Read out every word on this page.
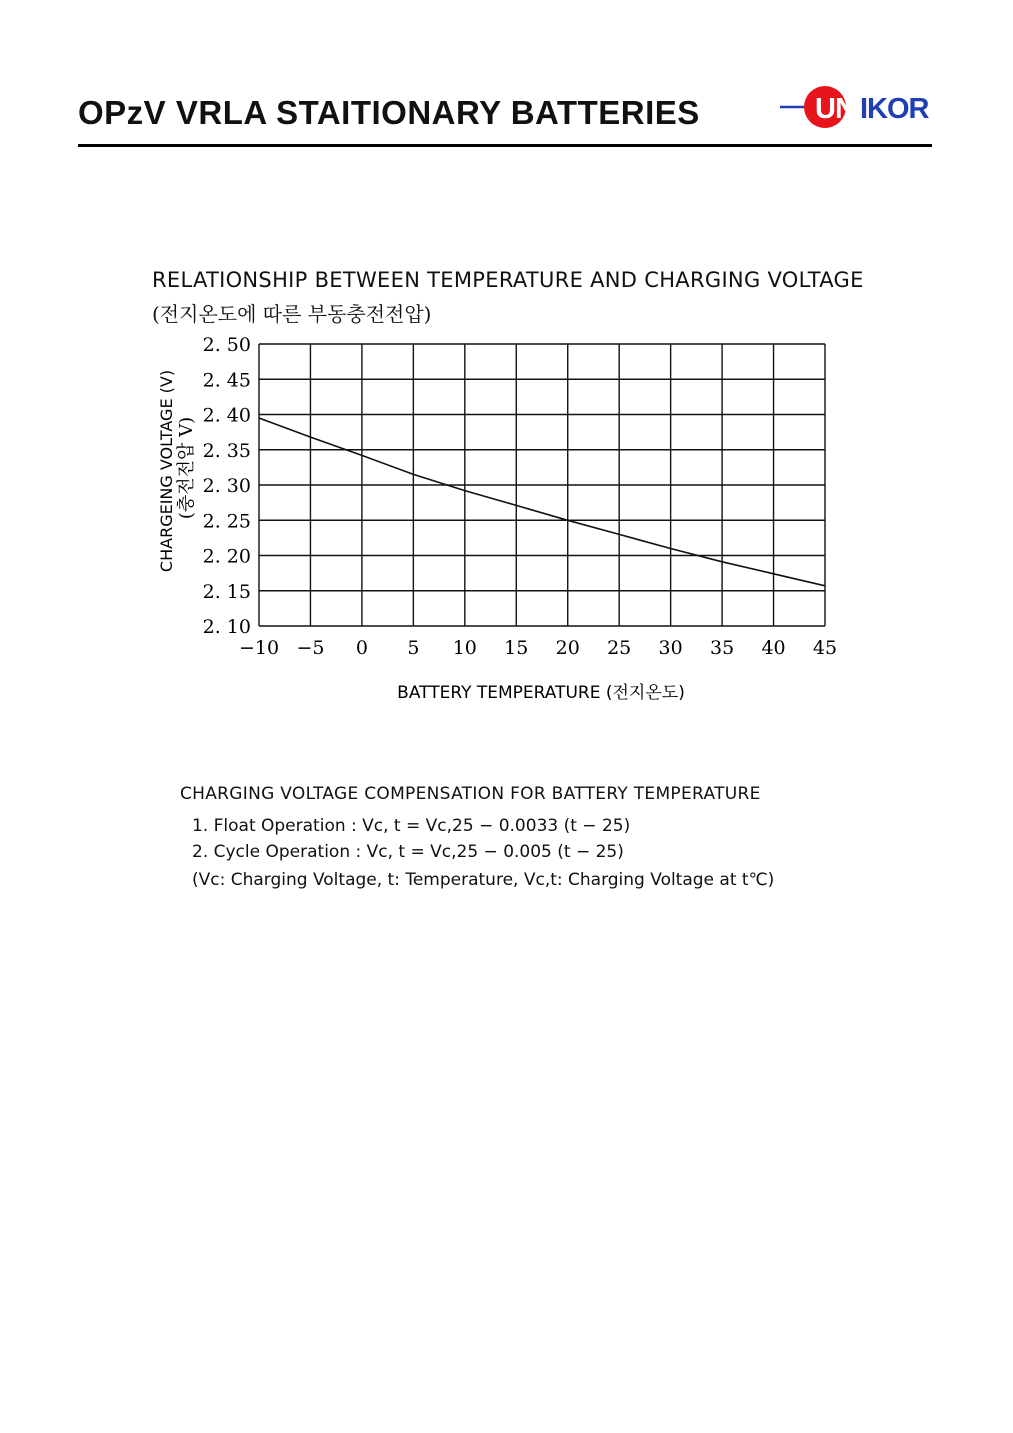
OPzV VRLA STAITIONARY BATTERIES	UN IKOR
RELATIONSHIP BETWEEN TEMPERATURE AND CHARGING VOLTAGE
(전지온도에 따른 부동충전전압)
2. 10
2. 15
2. 20
2. 25
2. 30
2. 35
2. 40
2. 45
2. 50
−10 −5 0 5 10 15 20 25 30 35 40 45
BATTERY TEMPERATURE (전지온도)
CHARGEING VOLTAGE (V) (충전전압 V)
CHARGING VOLTAGE COMPENSATION FOR BATTERY TEMPERATURE
1. Float Operation : Vc, t = Vc,25 − 0.0033 (t − 25)
2. Cycle Operation : Vc, t = Vc,25 − 0.005 (t − 25)
(Vc: Charging Voltage, t: Temperature, Vc,t: Charging Voltage at t℃)
